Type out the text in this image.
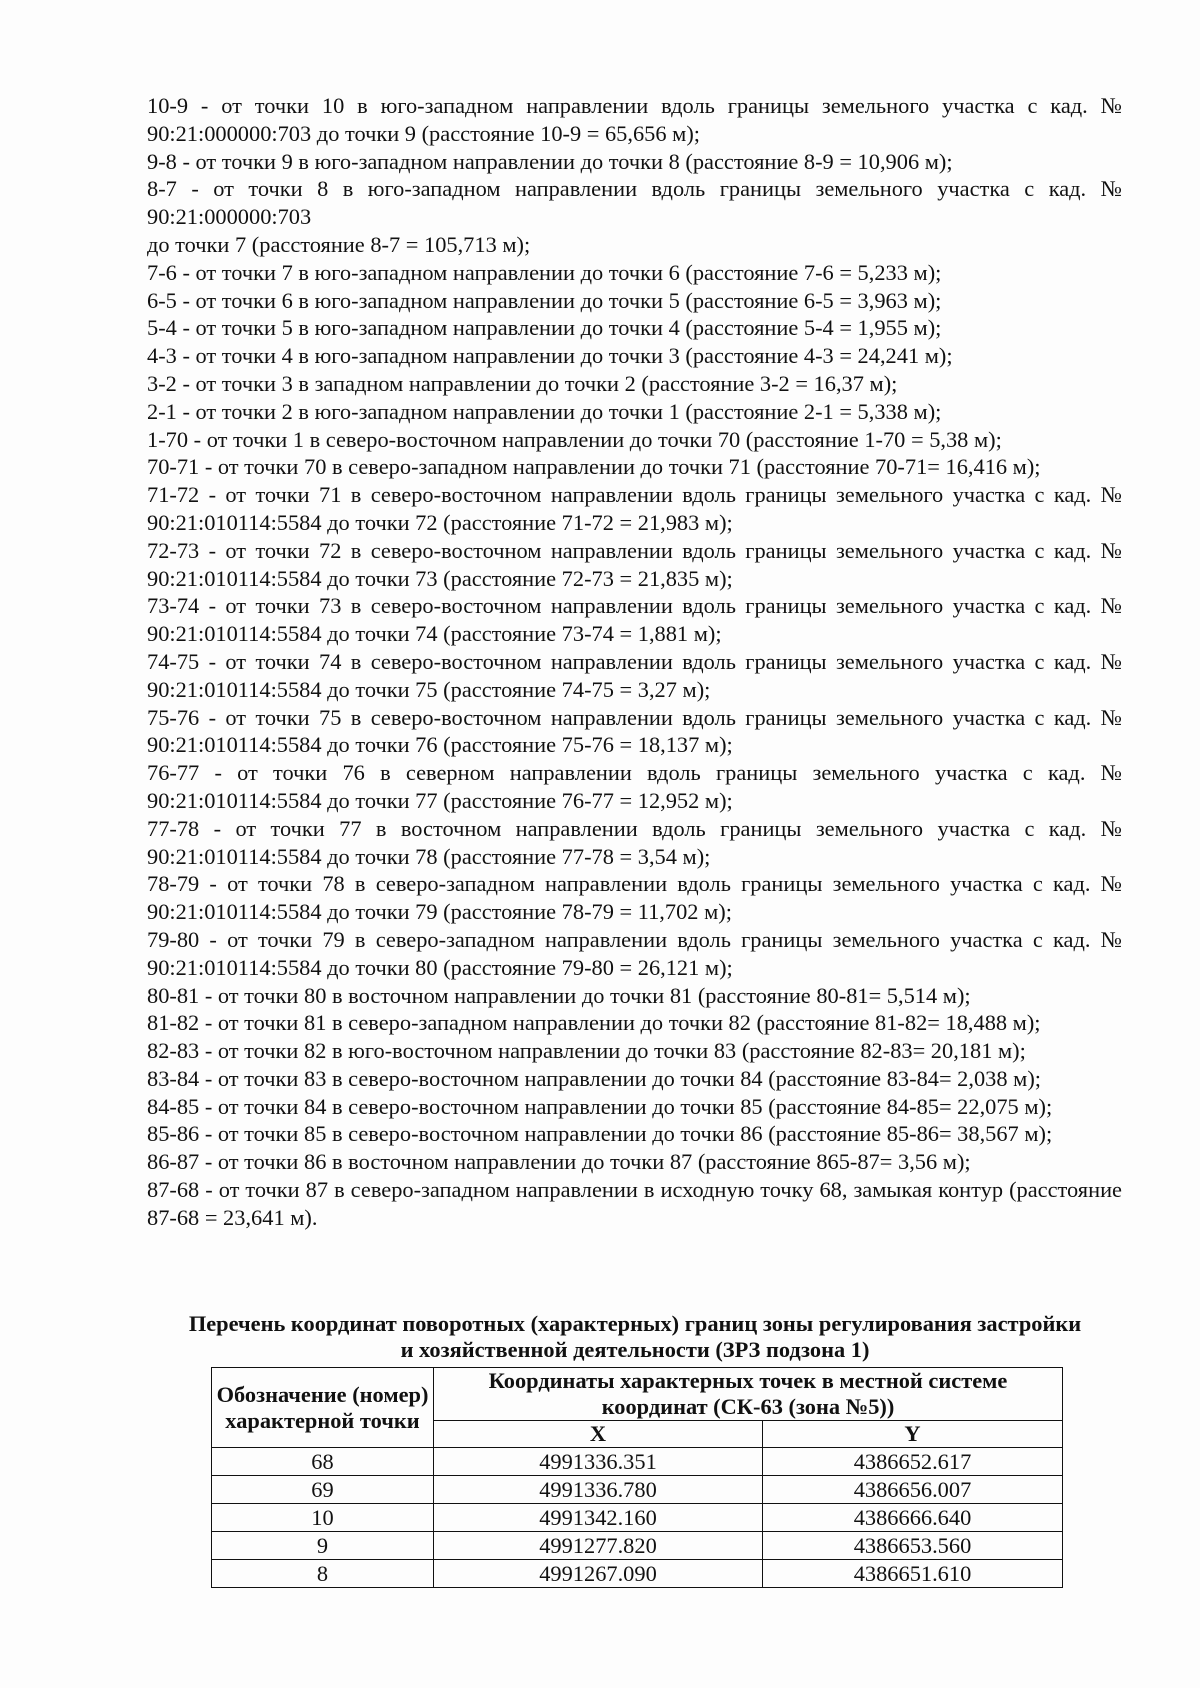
10-9 - от точки 10 в юго-западном направлении вдоль границы земельного участка с кад. № 90:21:000000:703 до точки 9 (расстояние 10-9 = 65,656 м);

9-8 - от точки 9 в юго-западном направлении до точки 8 (расстояние 8-9 = 10,906 м);

8-7 - от точки 8 в юго-западном направлении вдоль границы земельного участка с кад. № 90:21:000000:703

до точки 7 (расстояние 8-7 = 105,713 м);

7-6 - от точки 7 в юго-западном направлении до точки 6 (расстояние 7-6 = 5,233 м);

6-5 - от точки 6 в юго-западном направлении до точки 5 (расстояние 6-5 = 3,963 м);

5-4 - от точки 5 в юго-западном направлении до точки 4 (расстояние 5-4 = 1,955 м);

4-3 - от точки 4 в юго-западном направлении до точки 3 (расстояние 4-3 = 24,241 м);

3-2 - от точки 3 в западном направлении до точки 2 (расстояние 3-2 = 16,37 м);

2-1 - от точки 2 в юго-западном направлении до точки 1 (расстояние 2-1 = 5,338 м);

1-70 - от точки 1 в северо-восточном направлении до точки 70 (расстояние 1-70 = 5,38 м);

70-71 - от точки 70 в северо-западном направлении до точки 71 (расстояние 70-71= 16,416 м);

71-72 - от точки 71 в северо-восточном направлении вдоль границы земельного участка с кад. № 90:21:010114:5584 до точки 72 (расстояние 71-72 = 21,983 м);

72-73 - от точки 72 в северо-восточном направлении вдоль границы земельного участка с кад. № 90:21:010114:5584 до точки 73 (расстояние 72-73 = 21,835 м);

73-74 - от точки 73 в северо-восточном направлении вдоль границы земельного участка с кад. № 90:21:010114:5584 до точки 74 (расстояние 73-74 = 1,881 м);

74-75 - от точки 74 в северо-восточном направлении вдоль границы земельного участка с кад. № 90:21:010114:5584 до точки 75 (расстояние 74-75 = 3,27 м);

75-76 - от точки 75 в северо-восточном направлении вдоль границы земельного участка с кад. № 90:21:010114:5584 до точки 76 (расстояние 75-76 = 18,137 м);

76-77 - от точки 76 в северном направлении вдоль границы земельного участка с кад. № 90:21:010114:5584 до точки 77 (расстояние 76-77 = 12,952 м);

77-78 - от точки 77 в восточном направлении вдоль границы земельного участка с кад. № 90:21:010114:5584 до точки 78 (расстояние 77-78 = 3,54 м);

78-79 - от точки 78 в северо-западном направлении вдоль границы земельного участка с кад. № 90:21:010114:5584 до точки 79 (расстояние 78-79 = 11,702 м);

79-80 - от точки 79 в северо-западном направлении вдоль границы земельного участка с кад. № 90:21:010114:5584 до точки 80 (расстояние 79-80 = 26,121 м);

80-81 - от точки 80 в восточном направлении до точки 81 (расстояние 80-81= 5,514 м);

81-82 - от точки 81 в северо-западном направлении до точки 82 (расстояние 81-82= 18,488 м);

82-83 - от точки 82 в юго-восточном направлении до точки 83 (расстояние 82-83= 20,181 м);

83-84 - от точки 83 в северо-восточном направлении до точки 84 (расстояние 83-84= 2,038 м);

84-85 - от точки 84 в северо-восточном направлении до точки 85 (расстояние 84-85= 22,075 м);

85-86 - от точки 85 в северо-восточном направлении до точки 86 (расстояние 85-86= 38,567 м);

86-87 - от точки 86 в восточном направлении до точки 87 (расстояние 865-87= 3,56 м);

87-68 - от точки 87 в северо-западном направлении в исходную точку 68, замыкая контур (расстояние 87-68 = 23,641 м).

Перечень координат поворотных (характерных) границ зоны регулирования застройки
и хозяйственной деятельности (ЗРЗ подзона 1)
Обозначение (номер) характерной точки	Координаты характерных точек в местной системе координат (СК-63 (зона №5))	
	X	Y
68	4991336.351	4386652.617
69	4991336.780	4386656.007
10	4991342.160	4386666.640
9	4991277.820	4386653.560
8	4991267.090	4386651.610
